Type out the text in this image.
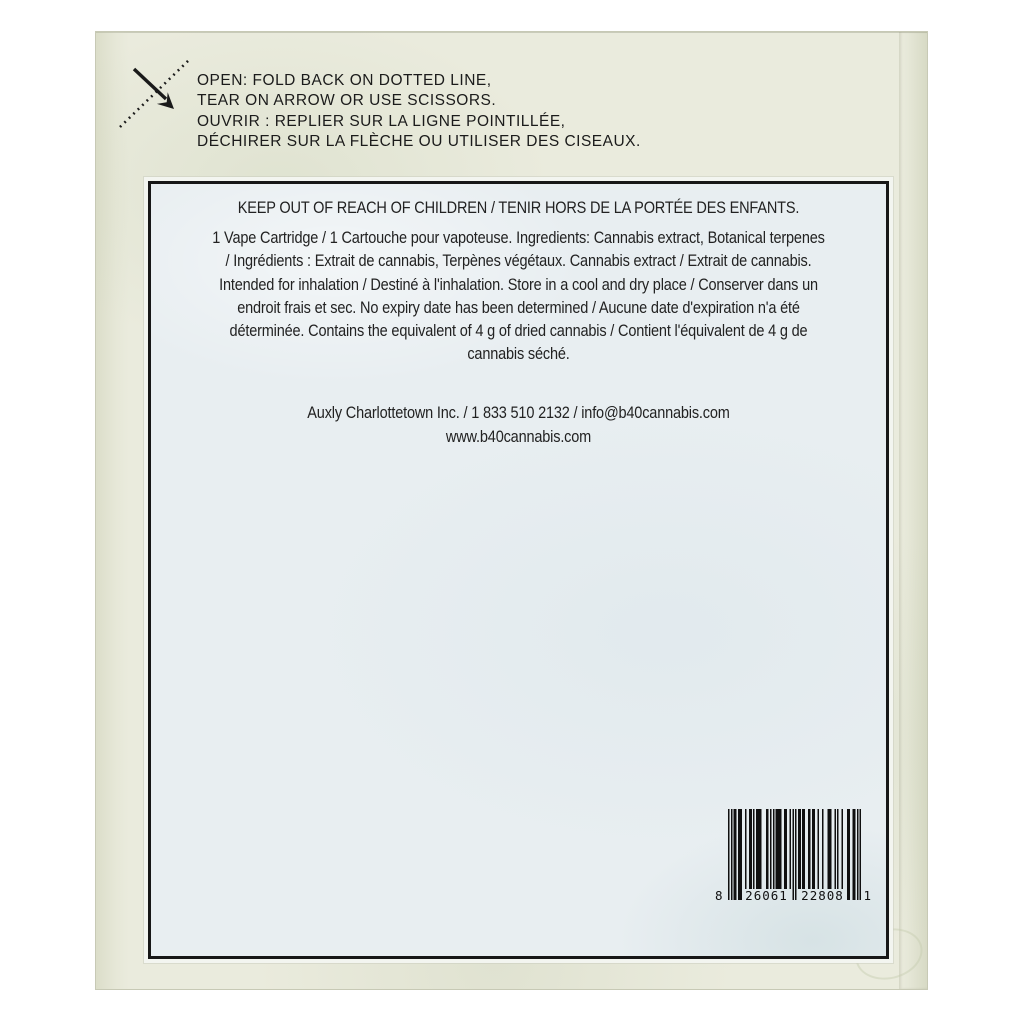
OPEN: FOLD BACK ON DOTTED LINE,
TEAR ON ARROW OR USE SCISSORS.
OUVRIR : REPLIER SUR LA LIGNE POINTILLÉE,
DÉCHIRER SUR LA FLÈCHE OU UTILISER DES CISEAUX.
KEEP OUT OF REACH OF CHILDREN / TENIR HORS DE LA PORTÉE DES ENFANTS.
1 Vape Cartridge / 1 Cartouche pour vapoteuse. Ingredients: Cannabis extract, Botanical terpenes
/ Ingrédients : Extrait de cannabis, Terpènes végétaux. Cannabis extract / Extrait de cannabis.
Intended for inhalation / Destiné à l'inhalation. Store in a cool and dry place / Conserver dans un
endroit frais et sec. No expiry date has been determined / Aucune date d'expiration n'a été
déterminée. Contains the equivalent of 4 g of dried cannabis / Contient l'équivalent de 4 g de
cannabis séché.
Auxly Charlottetown Inc. / 1 833 510 2132 / info@b40cannabis.com
www.b40cannabis.com
8 26061 22808 1
